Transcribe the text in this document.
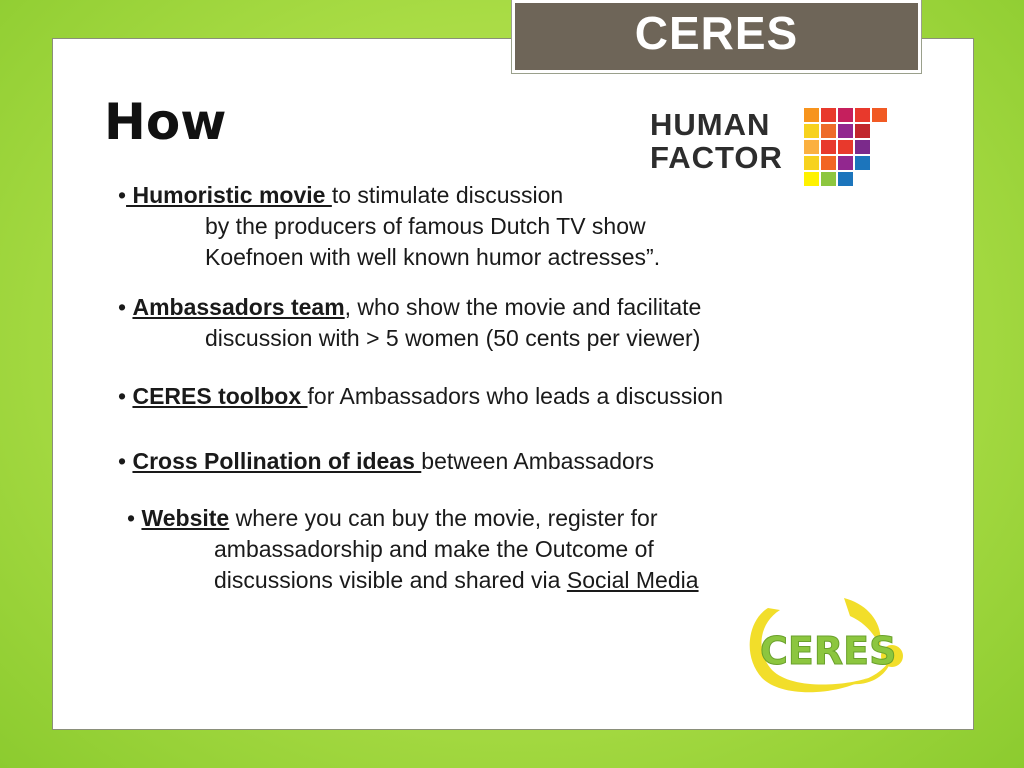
CERES
How	HUMAN
FACTOR

• Humoristic movie to stimulate discussion
by the producers of famous Dutch TV show
Koefnoen with well known humor actresses”.

• Ambassadors team, who show the movie and facilitate
discussion with > 5 women (50 cents per viewer)

• CERES toolbox for Ambassadors who leads a discussion

• Cross Pollination of ideas between Ambassadors

• Website where you can buy the movie, register for
ambassadorship and make the Outcome of
discussions visible and shared via Social Media

CERES
